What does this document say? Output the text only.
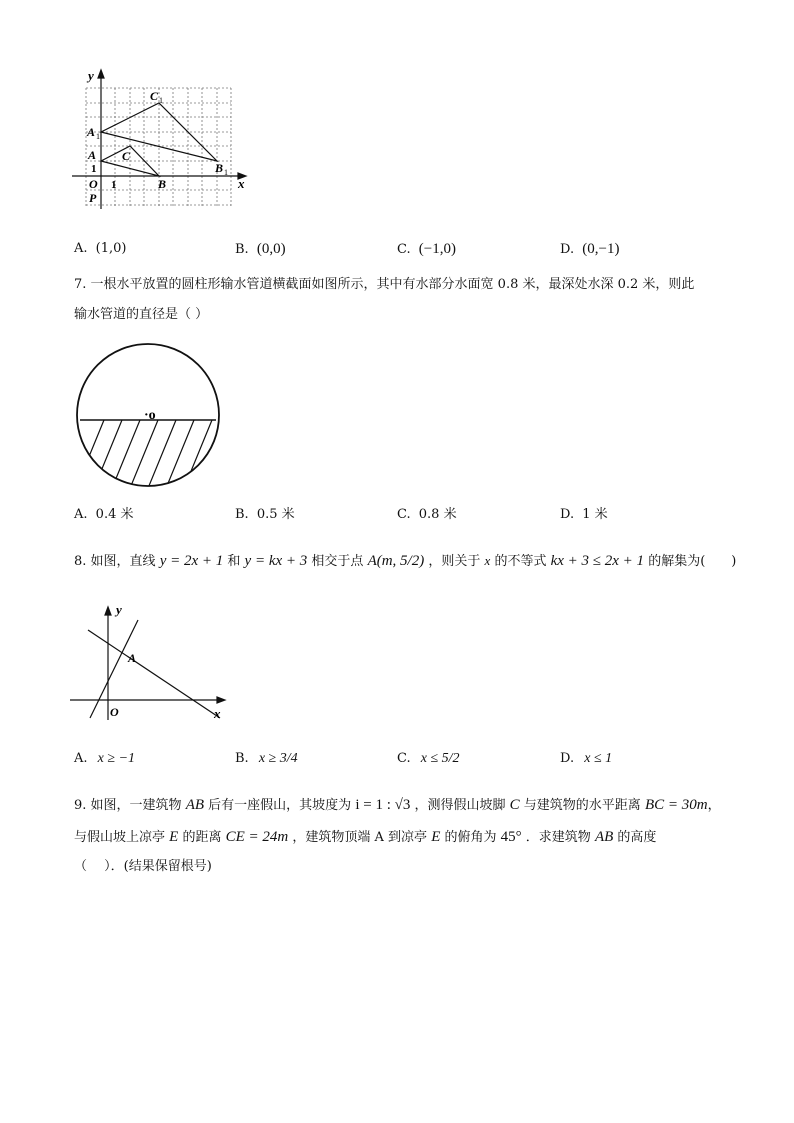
y
x
C 1
A 1
A C
1
O 1	B
B 1
P
A. (1,0)	B. (0,0)	C. (−1,0)	D. (0,−1)
7. 一根水平放置的圆柱形输水管道横截面如图所示，其中有水部分水面宽 0.8 米，最深处水深 0.2 米，则此
输水管道的直径是（ ）
·o
A. 0.4 米	B. 0.5 米	C. 0.8 米	D. 1 米
8. 如图，直线 y = 2x + 1 和 y = kx + 3 相交于点 A(m, 5/2) ，则关于 x 的不等式 kx + 3 ≤ 2x + 1 的解集为(　　)
y
A
O	x
A. x ≥ −1	B. x ≥ 3/4	C. x ≤ 5/2	D. x ≤ 1
9. 如图，一建筑物 AB 后有一座假山，其坡度为 i = 1 : √3 ，测得假山坡脚 C 与建筑物的水平距离 BC = 30m，
与假山坡上凉亭 E 的距离 CE = 24m ，建筑物顶端 A 到凉亭 E 的俯角为 45° ．求建筑物 AB 的高度
（　 ）．(结果保留根号)
